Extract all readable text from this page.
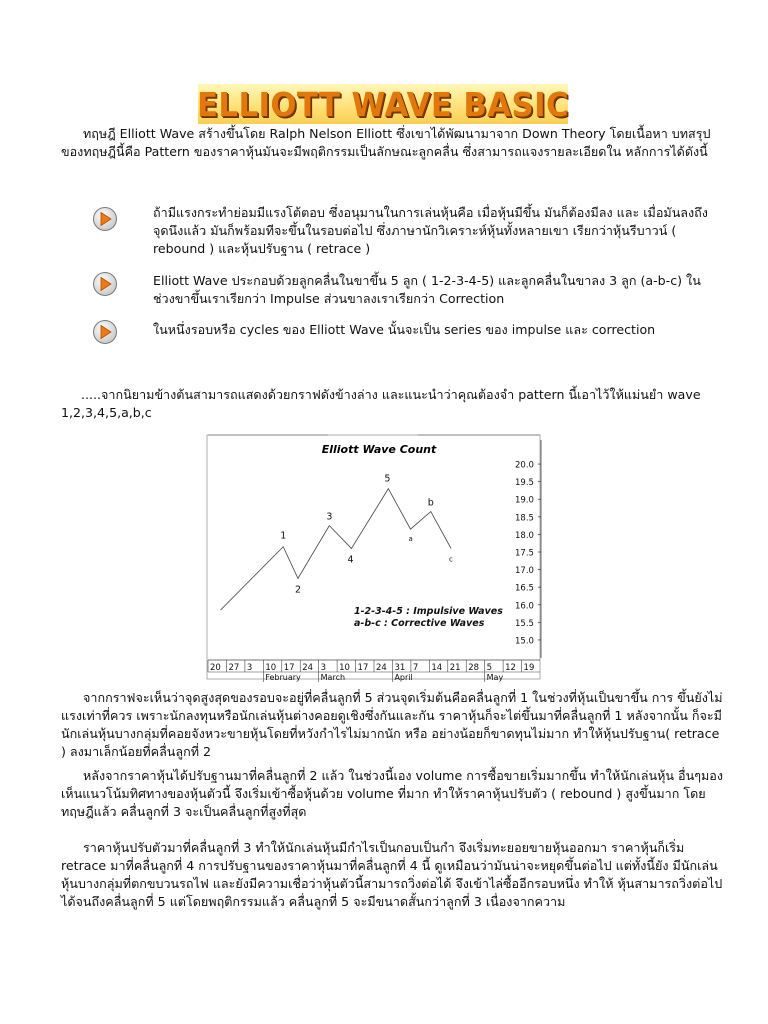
ELLIOTT WAVE BASIC

ทฤษฎี Elliott Wave สร้างขึ้นโดย Ralph Nelson Elliott ซึ่งเขาได้พัฒนามาจาก Down Theory โดยเนื้อหา บทสรุปของทฤษฎีนี้คือ Pattern ของราคาหุ้นมันจะมีพฤติกรรมเป็นลักษณะลูกคลื่น ซึ่งสามารถแจงรายละเอียดใน หลักการได้ดังนี้

ถ้ามีแรงกระทำย่อมมีแรงโต้ตอบ ซึ่งอนุมานในการเล่นหุ้นคือ เมื่อหุ้นมีขึ้น มันก็ต้องมีลง และ เมื่อมันลงถึงจุดนึงแล้ว มันก็พร้อมทีจะขึ้นในรอบต่อไป ซึ่งภาษานักวิเคราะห์หุ้นทั้งหลายเขา เรียกว่าหุ้นรีบาวน์ ( rebound ) และหุ้นปรับฐาน ( retrace )

Elliott Wave ประกอบด้วยลูกคลื่นในขาขึ้น 5 ลูก ( 1-2-3-4-5) และลูกคลื่นในขาลง 3 ลูก (a-b-c) ในช่วงขาขึ้นเราเรียกว่า Impulse ส่วนขาลงเราเรียกว่า Correction

ในหนึ่งรอบหรือ cycles ของ Elliott Wave นั้นจะเป็น series ของ impulse และ correction

.....จากนิยามข้างต้นสามารถแสดงด้วยกราฟดังข้างล่าง และแนะนำว่าคุณต้องจำ pattern นี้เอาไว้ให้แม่นยำ wave 1,2,3,4,5,a,b,c

Elliott Wave Count
20.0
19.5
19.0
18.5
18.0
17.5
17.0
16.5
16.0
15.5
15.0
20 27 3 10 17 24 3 10 17 24 31 7 14 21 28 5 12 19
February March	April	May
1
2
3
4
5
a
b
c
1-2-3-4-5 : Impulsive Waves
a-b-c : Corrective Waves

จากกราฟจะเห็นว่าจุดสูงสุดของรอบจะอยู่ที่คลื่นลูกที่ 5 ส่วนจุดเริ่มต้นคือคลื่นลูกที่ 1 ในช่วงที่หุ้นเป็นขาขึ้น การ ขึ้นยังไม่แรงเท่าที่ควร เพราะนักลงทุนหรือนักเล่นหุ้นต่างคอยดูเชิงซึ่งกันและกัน ราคาหุ้นก็จะไต่ขึ้นมาที่คลื่นลูกที่ 1 หลังจากนั้น ก็จะมีนักเล่นหุ้นบางกลุ่มที่คอยจังหวะขายหุ้นโดยที่หวังกำไรไม่มากนัก หรือ อย่างน้อยก็ขาดทุนไม่มาก ทำให้หุ้นปรับฐาน( retrace ) ลงมาเล็กน้อยที่คลื่นลูกที่ 2

หลังจากราคาหุ้นได้ปรับฐานมาที่คลื่นลูกที่ 2 แล้ว ในช่วงนี้เอง volume การซื้อขายเริ่มมากขึ้น ทำให้นักเล่นหุ้น อื่นๆมองเห็นแนวโน้มทิศทางของหุ้นตัวนี้ จึงเริ่มเข้าซื้อหุ้นด้วย volume ที่มาก ทำให้ราคาหุ้นปรับตัว ( rebound ) สูงขึ้นมาก โดยทฤษฎีแล้ว คลื่นลูกที่ 3 จะเป็นคลื่นลูกที่สูงที่สุด

ราคาหุ้นปรับตัวมาที่คลื่นลูกที่ 3 ทำให้นักเล่นหุ้นมีกำไรเป็นกอบเป็นกำ จึงเริ่มทะยอยขายหุ้นออกมา ราคาหุ้นก็เริ่ม retrace มาที่คลื่นลูกที่ 4 การปรับฐานของราคาหุ้นมาที่คลื่นลูกที่ 4 นี้ ดูเหมือนว่ามันน่าจะหยุดขึ้นต่อไป แต่ทั้งนี้ยัง มีนักเล่นหุ้นบางกลุ่มที่ตกขบวนรถไฟ และยังมีความเชื่อว่าหุ้นตัวนี้สามารถวิ่งต่อได้ จึงเข้าไล่ซื้ออีกรอบหนึ่ง ทำให้ หุ้นสามารถวิ่งต่อไปได้จนถึงคลื่นลูกที่ 5 แต่โดยพฤติกรรมแล้ว คลื่นลูกที่ 5 จะมีขนาดสั้นกว่าลูกที่ 3 เนื่องจากความ
